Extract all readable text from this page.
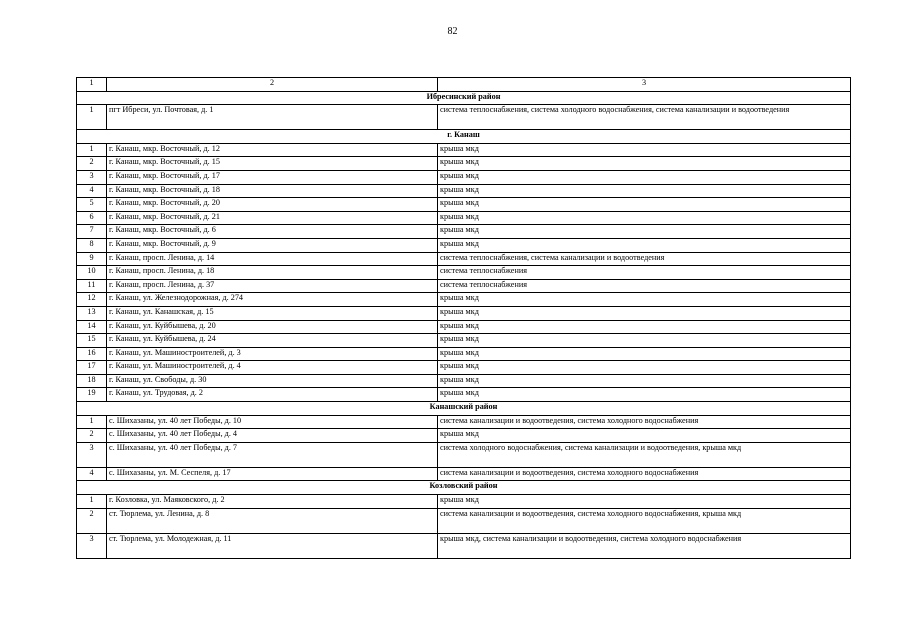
82
1	2	3
Ибресинский район		
1	пгт Ибреси, ул. Почтовая, д. 1	система теплоснабжения, система холодного водоснабжения, система канализации и водоотведения
г. Канаш		
1	г. Канаш, мкр. Восточный, д. 12	крыша мкд
2	г. Канаш, мкр. Восточный, д. 15	крыша мкд
3	г. Канаш, мкр. Восточный, д. 17	крыша мкд
4	г. Канаш, мкр. Восточный, д. 18	крыша мкд
5	г. Канаш, мкр. Восточный, д. 20	крыша мкд
6	г. Канаш, мкр. Восточный, д. 21	крыша мкд
7	г. Канаш, мкр. Восточный, д. 6	крыша мкд
8	г. Канаш, мкр. Восточный, д. 9	крыша мкд
9	г. Канаш, просп. Ленина, д. 14	система теплоснабжения, система канализации и водоотведения
10	г. Канаш, просп. Ленина, д. 18	система теплоснабжения
11	г. Канаш, просп. Ленина, д. 37	система теплоснабжения
12	г. Канаш, ул. Железнодорожная, д. 274	крыша мкд
13	г. Канаш, ул. Канашская, д. 15	крыша мкд
14	г. Канаш, ул. Куйбышева, д. 20	крыша мкд
15	г. Канаш, ул. Куйбышева, д. 24	крыша мкд
16	г. Канаш, ул. Машиностроителей, д. 3	крыша мкд
17	г. Канаш, ул. Машиностроителей, д. 4	крыша мкд
18	г. Канаш, ул. Свободы, д. 30	крыша мкд
19	г. Канаш, ул. Трудовая, д. 2	крыша мкд
Канашский район		
1	с. Шихазаны, ул. 40 лет Победы, д. 10	система канализации и водоотведения, система холодного водоснабжения
2	с. Шихазаны, ул. 40 лет Победы, д. 4	крыша мкд
3	с. Шихазаны, ул. 40 лет Победы, д. 7	система холодного водоснабжения, система канализации и водоотведения, крыша мкд
4	с. Шихазаны, ул. М. Сеспеля, д. 17	система канализации и водоотведения, система холодного водоснабжения
Козловский район		
1	г. Козловка, ул. Маяковского, д. 2	крыша мкд
2	ст. Тюрлема, ул. Ленина, д. 8	система канализации и водоотведения, система холодного водоснабжения, крыша мкд
3	ст. Тюрлема, ул. Молодежная, д. 11	крыша мкд, система канализации и водоотведения, система холодного водоснабжения
